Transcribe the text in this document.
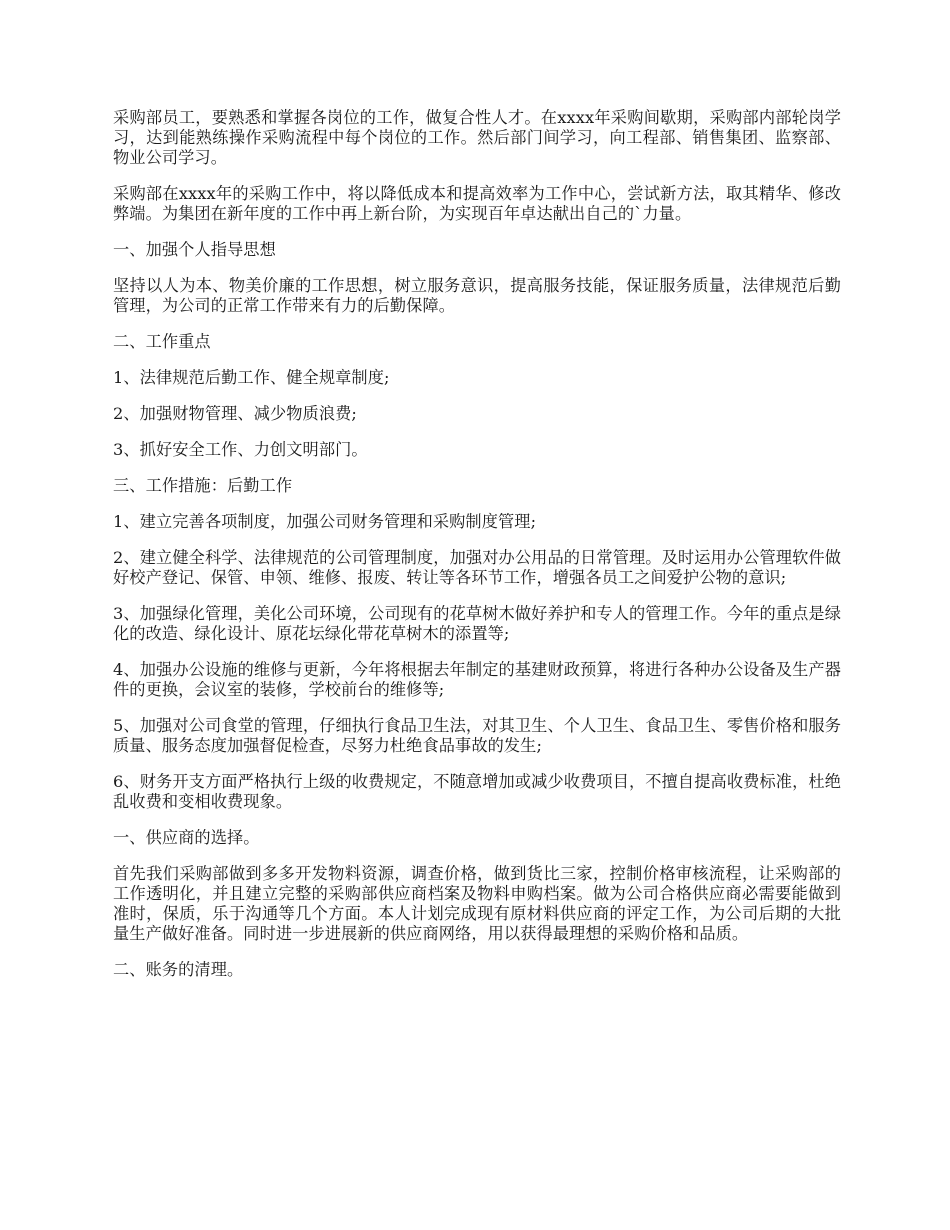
采购部员工，要熟悉和掌握各岗位的工作，做复合性人才。在xxxx年采购间歇期，采购部内部轮岗学习，达到能熟练操作采购流程中每个岗位的工作。然后部门间学习，向工程部、销售集团、监察部、物业公司学习。

采购部在xxxx年的采购工作中，将以降低成本和提高效率为工作中心，尝试新方法，取其精华、修改弊端。为集团在新年度的工作中再上新台阶，为实现百年卓达献出自己的`力量。

一、加强个人指导思想

坚持以人为本、物美价廉的工作思想，树立服务意识，提高服务技能，保证服务质量，法律规范后勤管理，为公司的正常工作带来有力的后勤保障。

二、工作重点

1、法律规范后勤工作、健全规章制度;

2、加强财物管理、减少物质浪费;

3、抓好安全工作、力创文明部门。

三、工作措施：后勤工作

1、建立完善各项制度，加强公司财务管理和采购制度管理;

2、建立健全科学、法律规范的公司管理制度，加强对办公用品的日常管理。及时运用办公管理软件做好校产登记、保管、申领、维修、报废、转让等各环节工作，增强各员工之间爱护公物的意识;

3、加强绿化管理，美化公司环境，公司现有的花草树木做好养护和专人的管理工作。今年的重点是绿化的改造、绿化设计、原花坛绿化带花草树木的添置等;

4、加强办公设施的维修与更新，今年将根据去年制定的基建财政预算，将进行各种办公设备及生产器件的更换，会议室的装修，学校前台的维修等;

5、加强对公司食堂的管理，仔细执行食品卫生法，对其卫生、个人卫生、食品卫生、零售价格和服务质量、服务态度加强督促检查，尽努力杜绝食品事故的发生;

6、财务开支方面严格执行上级的收费规定，不随意增加或减少收费项目，不擅自提高收费标准，杜绝乱收费和变相收费现象。

一、供应商的选择。

首先我们采购部做到多多开发物料资源，调查价格，做到货比三家，控制价格审核流程，让采购部的工作透明化，并且建立完整的采购部供应商档案及物料申购档案。做为公司合格供应商必需要能做到准时，保质，乐于沟通等几个方面。本人计划完成现有原材料供应商的评定工作，为公司后期的大批量生产做好准备。同时进一步进展新的供应商网络，用以获得最理想的采购价格和品质。

二、账务的清理。
